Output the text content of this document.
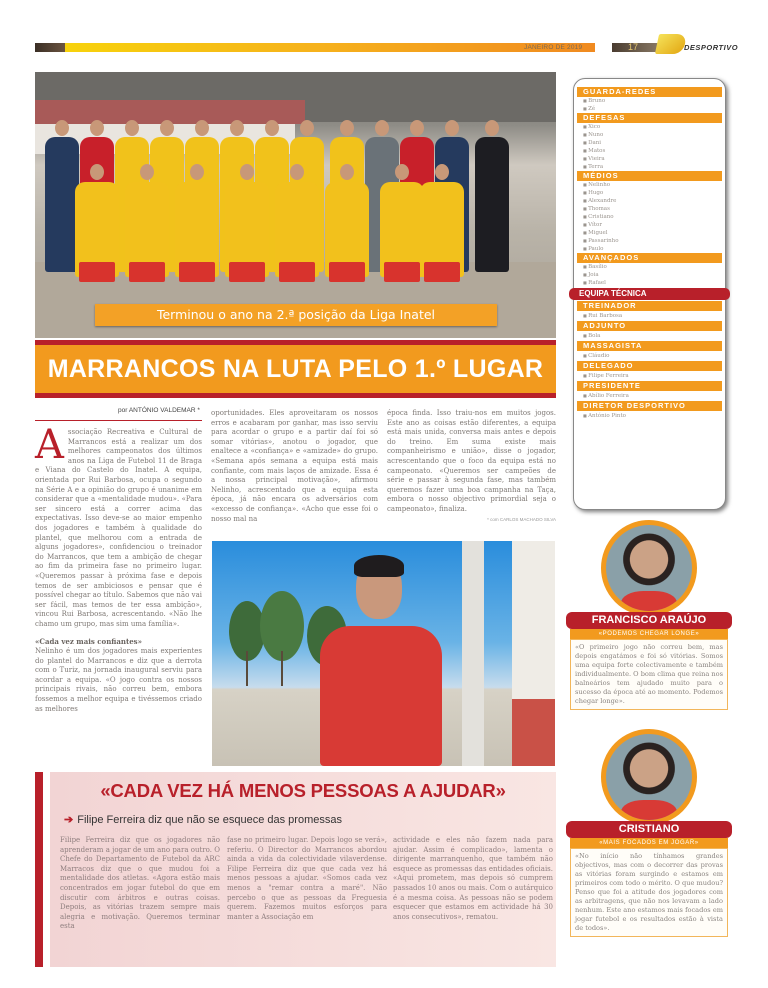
JANEIRO DE 2019	17	DESPORTIVO
Terminou o ano na 2.ª posição da Liga Inatel
MARRANCOS NA LUTA PELO 1.º LUGAR
por ANTÓNIO VALDEMAR *
A ssociação Recreativa e Cultural de Marrancos está a realizar um dos melhores campeonatos dos últimos anos na Liga de Futebol 11 de Braga e Viana do Castelo do Inatel. A equipa, orientada por Rui Barbosa, ocupa o segundo na Série A e a opinião do grupo é unanime em considerar que a «mentalidade mudou». «Para ser sincero está a correr acima das expectativas. Isso deve-se ao maior empenho dos jogadores e também à qualidade do plantel, que melhorou com a entrada de alguns jogadores», confidenciou o treinador do Marrancos, que tem a ambição de chegar ao fim da primeira fase no primeiro lugar. «Queremos passar à próxima fase e depois temos de ser ambiciosos e pensar que é possível chegar ao título. Sabemos que não vai ser fácil, mas temos de ter essa ambição», vincou Rui Barbosa, acrescentando. «Não lhe chamo um grupo, mas sim uma família».

«Cada vez mais confiantes»

Nelinho é um dos jogadores mais experientes do plantel do Marrancos e diz que a derrota com o Turiz, na jornada inaugural serviu para acordar a equipa. «O jogo contra os nossos principais rivais, não correu bem, embora fossemos a melhor equipa e tivéssemos criado as melhores

oportunidades. Eles aproveitaram os nossos erros e acabaram por ganhar, mas isso serviu para acordar o grupo e a partir daí foi só somar vitórias», anotou o jogador, que enaltece a «confiança» e «amizade» do grupo. «Semana após semana a equipa está mais confiante, com mais laços de amizade. Essa é a nossa principal motivação», afirmou Nelinho, acrescentado que a equipa esta época, já não encara os adversários com «excesso de confiança». «Acho que esse foi o nosso mal na

época finda. Isso traiu-nos em muitos jogos. Este ano as coisas estão diferentes, a equipa está mais unida, conversa mais antes e depois do treino. Em suma existe mais companheirismo e união», disse o jogador, acrescentando que o foco da equipa está no campeonato. «Queremos ser campeões de série e passar à segunda fase, mas também queremos fazer uma boa campanha na Taça, embora o nosso objectivo primordial seja o campeonato», finaliza.

* com CARLOS MACHADO SILVA
«CADA VEZ HÁ MENOS PESSOAS A AJUDAR»
➔ Filipe Ferreira diz que não se esquece das promessas

Filipe Ferreira diz que os jogadores não aprenderam a jogar de um ano para outro. O Chefe do Departamento de Futebol da ARC Marracos diz que o que mudou foi a mentalidade dos atletas. «Agora estão mais concentrados em jogar futebol do que em discutir com árbitros e outras coisas. Depois, as vitórias trazem sempre mais alegria e motivação. Queremos terminar esta

fase no primeiro lugar. Depois logo se verá», referiu. O Director do Marrancos abordou ainda a vida da colectividade vilaverdense. Filipe Ferreira diz que que cada vez há menos pessoas a ajudar. «Somos cada vez menos a "remar contra a maré". Não percebo o que as pessoas da Freguesia querem. Fazemos muitos esforços para manter a Associação em

actividade e eles não fazem nada para ajudar. Assim é complicado», lamenta o dirigente marranquenho, que também não esquece as promessas das entidades oficiais. «Aqui prometem, mas depois só cumprem passados 10 anos ou mais. Com o autárquico é a mesma coisa. As pessoas não se podem esquecer que estamos em actividade há 30 anos consecutivos», rematou.

GUARDA-REDES
■ Bruno
■ Zé
DEFESAS
■ Xico
■ Nuno
■ Dani
■ Matos
■ Vieira
■ Terra
MÉDIOS
■ Nelinho
■ Hugo
■ Alexandre
■ Thomas
■ Cristiano
■ Vítor
■ Miguel
■ Passarinho
■ Paulo
AVANÇADOS
■ Basílio
■ Joia
■ Rafael
EQUIPA TÉCNICA
TREINADOR
■ Rui Barbosa
ADJUNTO
■ Bola
MASSAGISTA
■ Cláudio
DELEGADO
■ Filipe Ferreira
PRESIDENTE
■ Abílio Ferreira
DIRETOR DESPORTIVO
■ António Pinto
FRANCISCO ARAÚJO
«PODEMOS CHEGAR LONGE»
«O primeiro jogo não correu bem, mas depois engatámos e foi só vitórias. Somos uma equipa forte colectivamente e também individualmente. O bom clima que reina nos balneários tem ajudado muito para o sucesso da época até ao momento. Podemos chegar longe».
CRISTIANO
«MAIS FOCADOS EM JOGAR»
«No início não tínhamos grandes objectivos, mas com o decorrer das provas as vitórias foram surgindo e estamos em primeiros com todo o mérito. O que mudou? Penso que foi a atitude dos jogadores com as arbitragens, que não nos levavam a lado nenhum. Este ano estamos mais focados em jogar futebol e os resultados estão à vista de todos».
